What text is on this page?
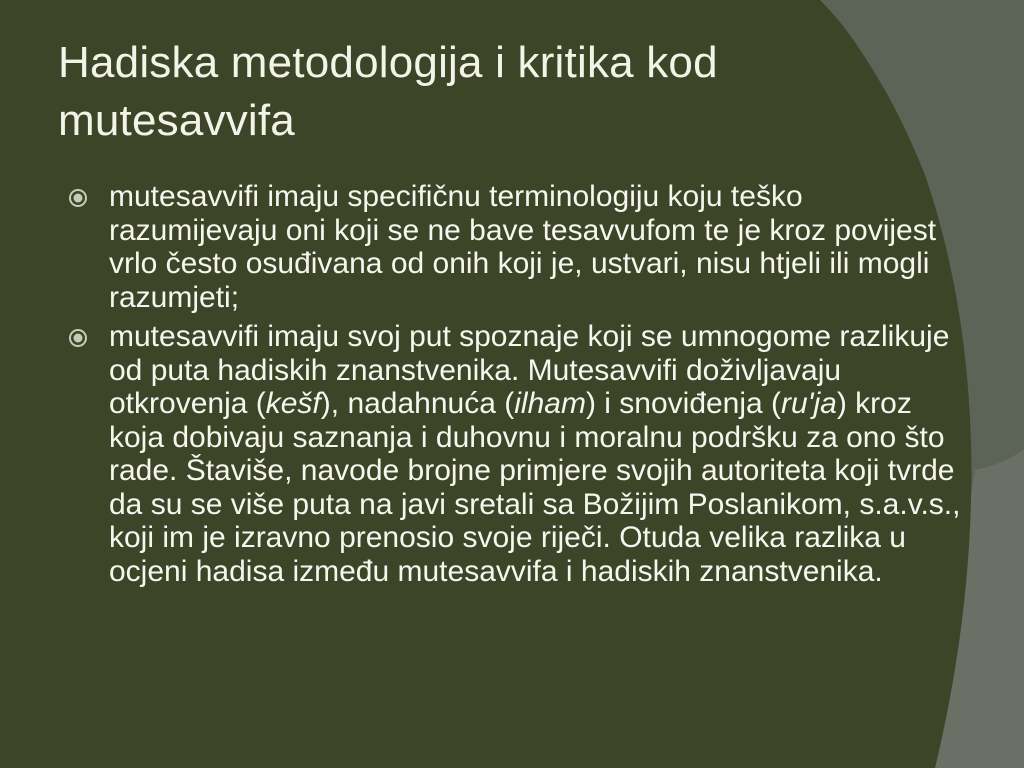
Hadiska metodologija i kritika kod mutesavvifa
mutesavvifi imaju specifičnu terminologiju koju teško razumijevaju oni koji se ne bave tesavvufom te je kroz povijest vrlo često osuđivana od onih koji je, ustvari, nisu htjeli ili mogli razumjeti;
mutesavvifi imaju svoj put spoznaje koji se umnogome razlikuje od puta hadiskih znanstvenika. Mutesavvifi doživljavaju otkrovenja (kešf), nadahnuća (ilham) i snoviđenja (ru'ja) kroz koja dobivaju saznanja i duhovnu i moralnu podršku za ono što rade. Štaviše, navode brojne primjere svojih autoriteta koji tvrde da su se više puta na javi sretali sa Božijim Poslanikom, s.a.v.s., koji im je izravno prenosio svoje riječi. Otuda velika razlika u ocjeni hadisa između mutesavvifa i hadiskih znanstvenika.
